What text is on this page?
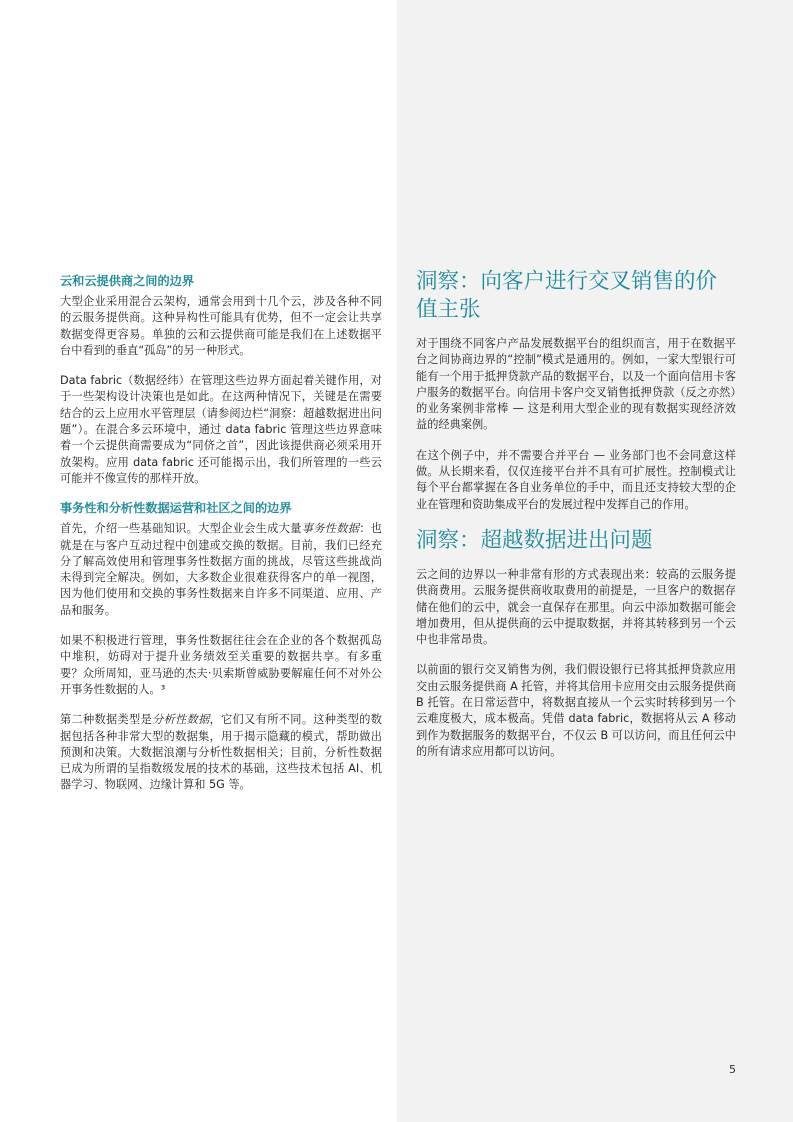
云和云提供商之间的边界

大型企业采用混合云架构，通常会用到十几个云，涉及各种不同的云服务提供商。这种异构性可能具有优势，但不一定会让共享数据变得更容易。单独的云和云提供商可能是我们在上述数据平台中看到的垂直“孤岛”的另一种形式。

Data fabric（数据经纬）在管理这些边界方面起着关键作用，对于一些架构设计决策也是如此。在这两种情况下，关键是在需要结合的云上应用水平管理层（请参阅边栏“洞察：超越数据进出问题”）。在混合多云环境中，通过 data fabric 管理这些边界意味着一个云提供商需要成为“同侪之首”，因此该提供商必须采用开放架构。应用 data fabric 还可能揭示出，我们所管理的一些云可能并不像宣传的那样开放。

事务性和分析性数据运营和社区之间的边界

首先，介绍一些基础知识。大型企业会生成大量事务性数据：也就是在与客户互动过程中创建或交换的数据。目前，我们已经充分了解高效使用和管理事务性数据方面的挑战，尽管这些挑战尚未得到完全解决。例如，大多数企业很难获得客户的单一视图，因为他们使用和交换的事务性数据来自许多不同渠道、应用、产品和服务。

如果不积极进行管理，事务性数据往往会在企业的各个数据孤岛中堆积，妨碍对于提升业务绩效至关重要的数据共享。有多重要？众所周知，亚马逊的杰夫·贝索斯曾威胁要解雇任何不对外公开事务性数据的人。³

第二种数据类型是分析性数据，它们又有所不同。这种类型的数据包括各种非常大型的数据集，用于揭示隐藏的模式，帮助做出预测和决策。大数据浪潮与分析性数据相关；目前，分析性数据已成为所谓的呈指数级发展的技术的基础，这些技术包括 AI、机器学习、物联网、边缘计算和 5G 等。

洞察：向客户进行交叉销售的价值主张

对于围绕不同客户产品发展数据平台的组织而言，用于在数据平台之间协商边界的“控制”模式是通用的。例如，一家大型银行可能有一个用于抵押贷款产品的数据平台，以及一个面向信用卡客户服务的数据平台。向信用卡客户交叉销售抵押贷款（反之亦然）的业务案例非常棒 — 这是利用大型企业的现有数据实现经济效益的经典案例。

在这个例子中，并不需要合并平台 — 业务部门也不会同意这样做。从长期来看，仅仅连接平台并不具有可扩展性。控制模式让每个平台都掌握在各自业务单位的手中，而且还支持较大型的企业在管理和资助集成平台的发展过程中发挥自己的作用。

洞察：超越数据进出问题

云之间的边界以一种非常有形的方式表现出来：较高的云服务提供商费用。云服务提供商收取费用的前提是，一旦客户的数据存储在他们的云中，就会一直保存在那里。向云中添加数据可能会增加费用，但从提供商的云中提取数据，并将其转移到另一个云中也非常昂贵。

以前面的银行交叉销售为例，我们假设银行已将其抵押贷款应用交由云服务提供商 A 托管，并将其信用卡应用交由云服务提供商 B 托管。在日常运营中，将数据直接从一个云实时转移到另一个云难度极大，成本极高。凭借 data fabric，数据将从云 A 移动到作为数据服务的数据平台，不仅云 B 可以访问，而且任何云中的所有请求应用都可以访问。

5
